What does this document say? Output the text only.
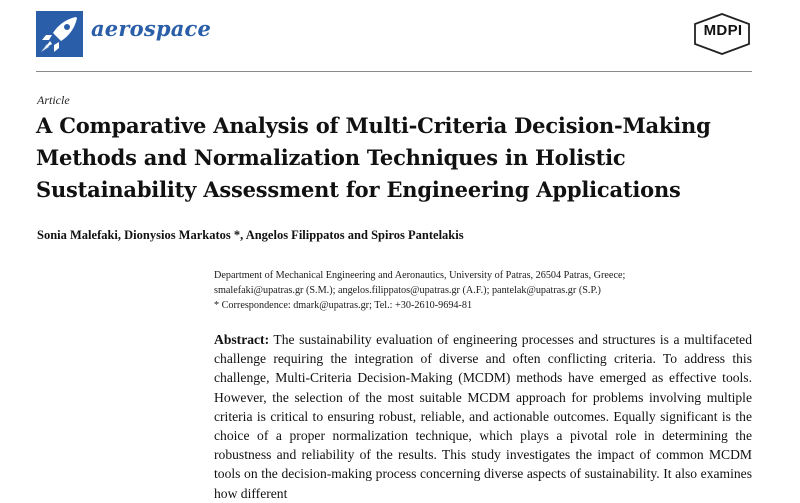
aerospace	MDPI
Article
A Comparative Analysis of Multi-Criteria Decision-Making Methods and Normalization Techniques in Holistic Sustainability Assessment for Engineering Applications
Sonia Malefaki, Dionysios Markatos *, Angelos Filippatos and Spiros Pantelakis
Department of Mechanical Engineering and Aeronautics, University of Patras, 26504 Patras, Greece;
smalefaki@upatras.gr (S.M.); angelos.filippatos@upatras.gr (A.F.); pantelak@upatras.gr (S.P.)
* Correspondence: dmark@upatras.gr; Tel.: +30-2610-9694-81
Abstract: The sustainability evaluation of engineering processes and structures is a multifaceted challenge requiring the integration of diverse and often conflicting criteria. To address this challenge, Multi-Criteria Decision-Making (MCDM) methods have emerged as effective tools. However, the selection of the most suitable MCDM approach for problems involving multiple criteria is critical to ensuring robust, reliable, and actionable outcomes. Equally significant is the choice of a proper normalization technique, which plays a pivotal role in determining the robustness and reliability of the results. This study investigates the impact of common MCDM tools on the decision-making process concerning diverse aspects of sustainability. It also examines how different
